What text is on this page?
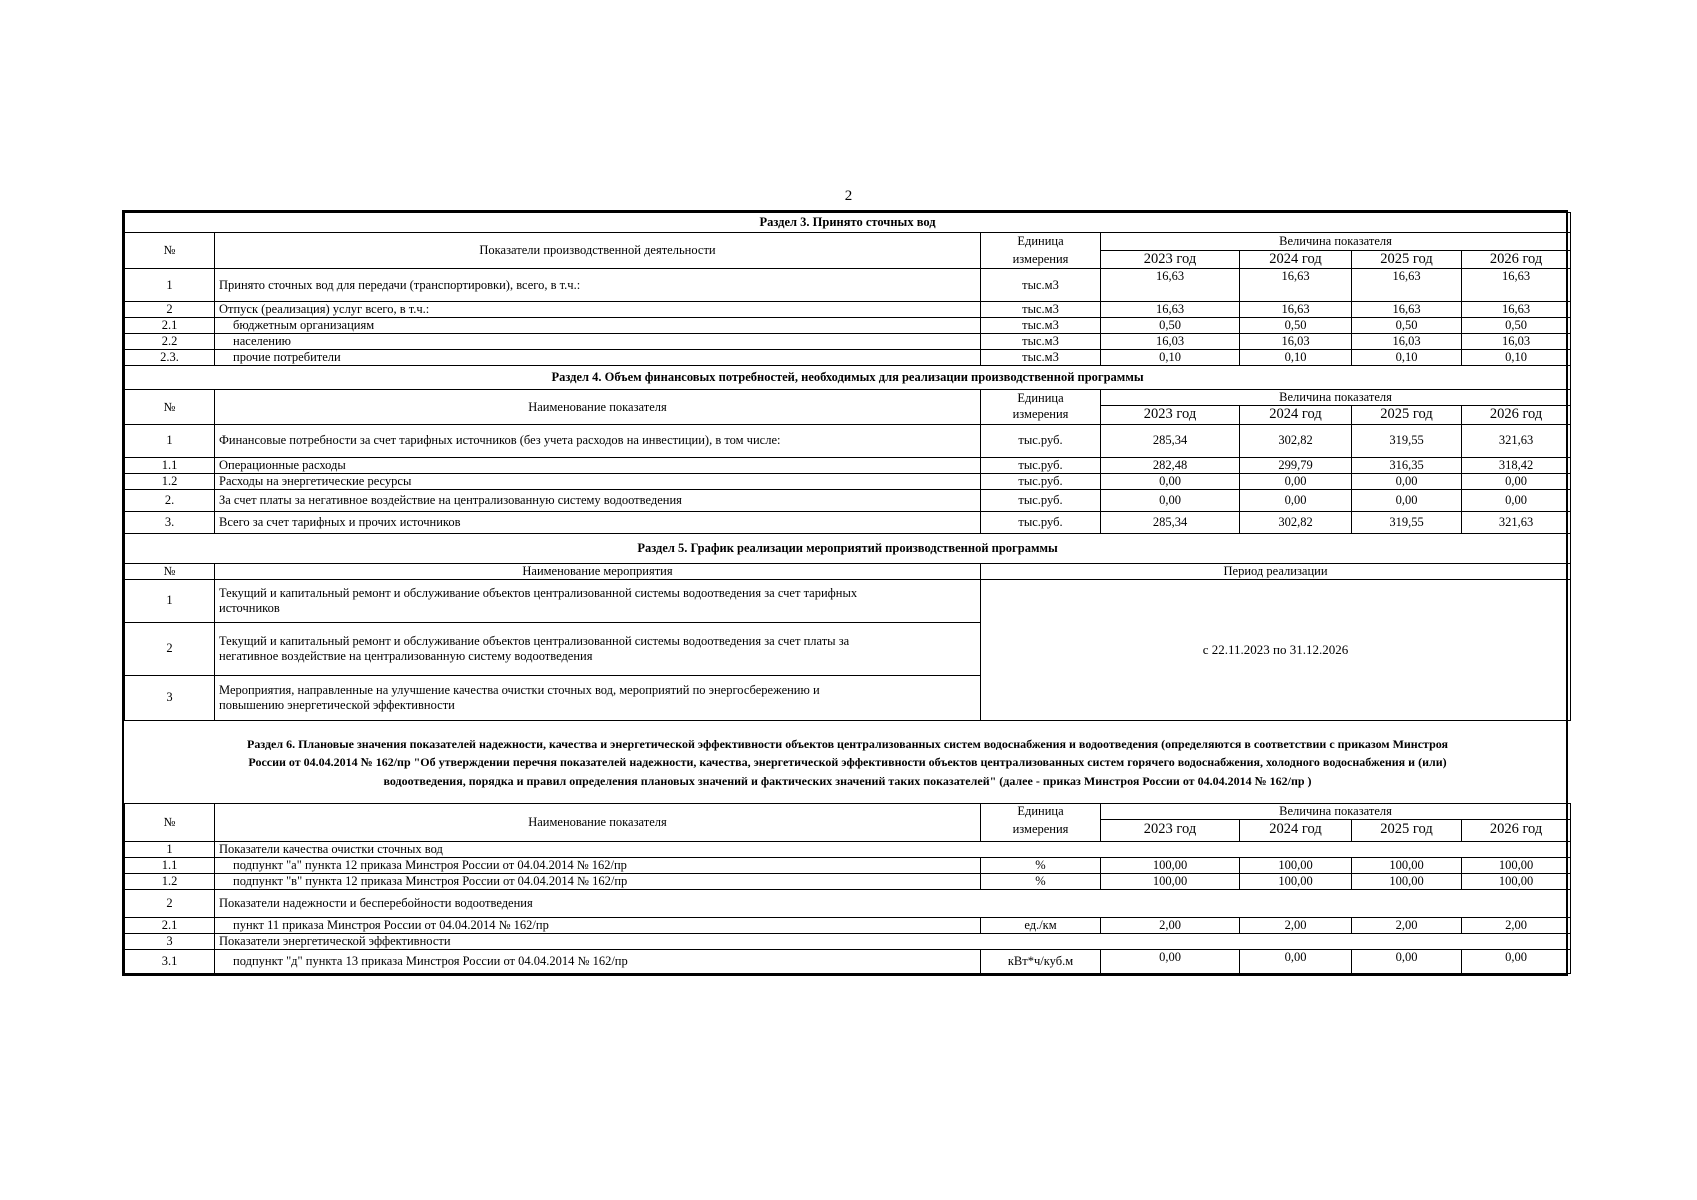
2
Раздел 3. Принято сточных вод						
№	Показатели производственной деятельности	Единица	Величина показателя			
		измерения	2023 год	2024 год	2025 год	2026 год
1	Принято сточных вод для передачи (транспортировки), всего, в т.ч.:	тыс.м3	16,63	16,63	16,63	16,63
2	Отпуск (реализация) услуг всего, в т.ч.:	тыс.м3	16,63	16,63	16,63	16,63
2.1	бюджетным организациям	тыс.м3	0,50	0,50	0,50	0,50
2.2	населению	тыс.м3	16,03	16,03	16,03	16,03
2.3.	прочие потребители	тыс.м3	0,10	0,10	0,10	0,10
Раздел 4. Объем финансовых потребностей, необходимых для реализации производственной программы						
№	Наименование показателя	Единица	Величина показателя			
		измерения	2023 год	2024 год	2025 год	2026 год
1	Финансовые потребности за счет тарифных источников (без учета расходов на инвестиции), в том числе:	тыс.руб.	285,34	302,82	319,55	321,63
1.1	Операционные расходы	тыс.руб.	282,48	299,79	316,35	318,42
1.2	Расходы на энергетические ресурсы	тыс.руб.	0,00	0,00	0,00	0,00
2.	За счет платы за негативное воздействие на централизованную систему водоотведения	тыс.руб.	0,00	0,00	0,00	0,00
3.	Всего за счет тарифных и прочих источников	тыс.руб.	285,34	302,82	319,55	321,63
Раздел 5. График реализации мероприятий производственной программы						
№	Наименование мероприятия	Период реализации				
1	Текущий и капитальный ремонт и обслуживание объектов централизованной системы водоотведения за счет тарифных
источников	с 22.11.2023 по 31.12.2026				
2	Текущий и капитальный ремонт и обслуживание объектов централизованной системы водоотведения за счет платы за
негативное воздействие на централизованную систему водоотведения					

3	Мероприятия, направленные на улучшение качества очистки сточных вод, мероприятий по энергосбережению и
повышению энергетической эффективности					

Раздел 6. Плановые значения показателей надежности, качества и энергетической эффективности объектов централизованных систем водоснабжения и водоотведения (определяются в соответствии с приказом Минстроя
России от 04.04.2014 № 162/пр "Об утверждении перечня показателей надежности, качества, энергетической эффективности объектов централизованных систем горячего водоснабжения, холодного водоснабжения и (или)
водоотведения, порядка и правил определения плановых значений и фактических значений таких показателей" (далее - приказ Минстроя России от 04.04.2014 № 162/пр )						

№	Наименование показателя	Единица	Величина показателя			
		измерения	2023 год	2024 год	2025 год	2026 год
1	Показатели качества очистки сточных вод					
1.1	подпункт "а" пункта 12 приказа Минстроя России от 04.04.2014 № 162/пр	%	100,00	100,00	100,00	100,00
1.2	подпункт "в" пункта 12 приказа Минстроя России от 04.04.2014 № 162/пр	%	100,00	100,00	100,00	100,00
2	Показатели надежности и бесперебойности водоотведения					
2.1	пункт 11 приказа Минстроя России от 04.04.2014 № 162/пр	ед./км	2,00	2,00	2,00	2,00
3	Показатели энергетической эффективности					
3.1	подпункт "д" пункта 13 приказа Минстроя России от 04.04.2014 № 162/пр	кВт*ч/куб.м	0,00	0,00	0,00	0,00
